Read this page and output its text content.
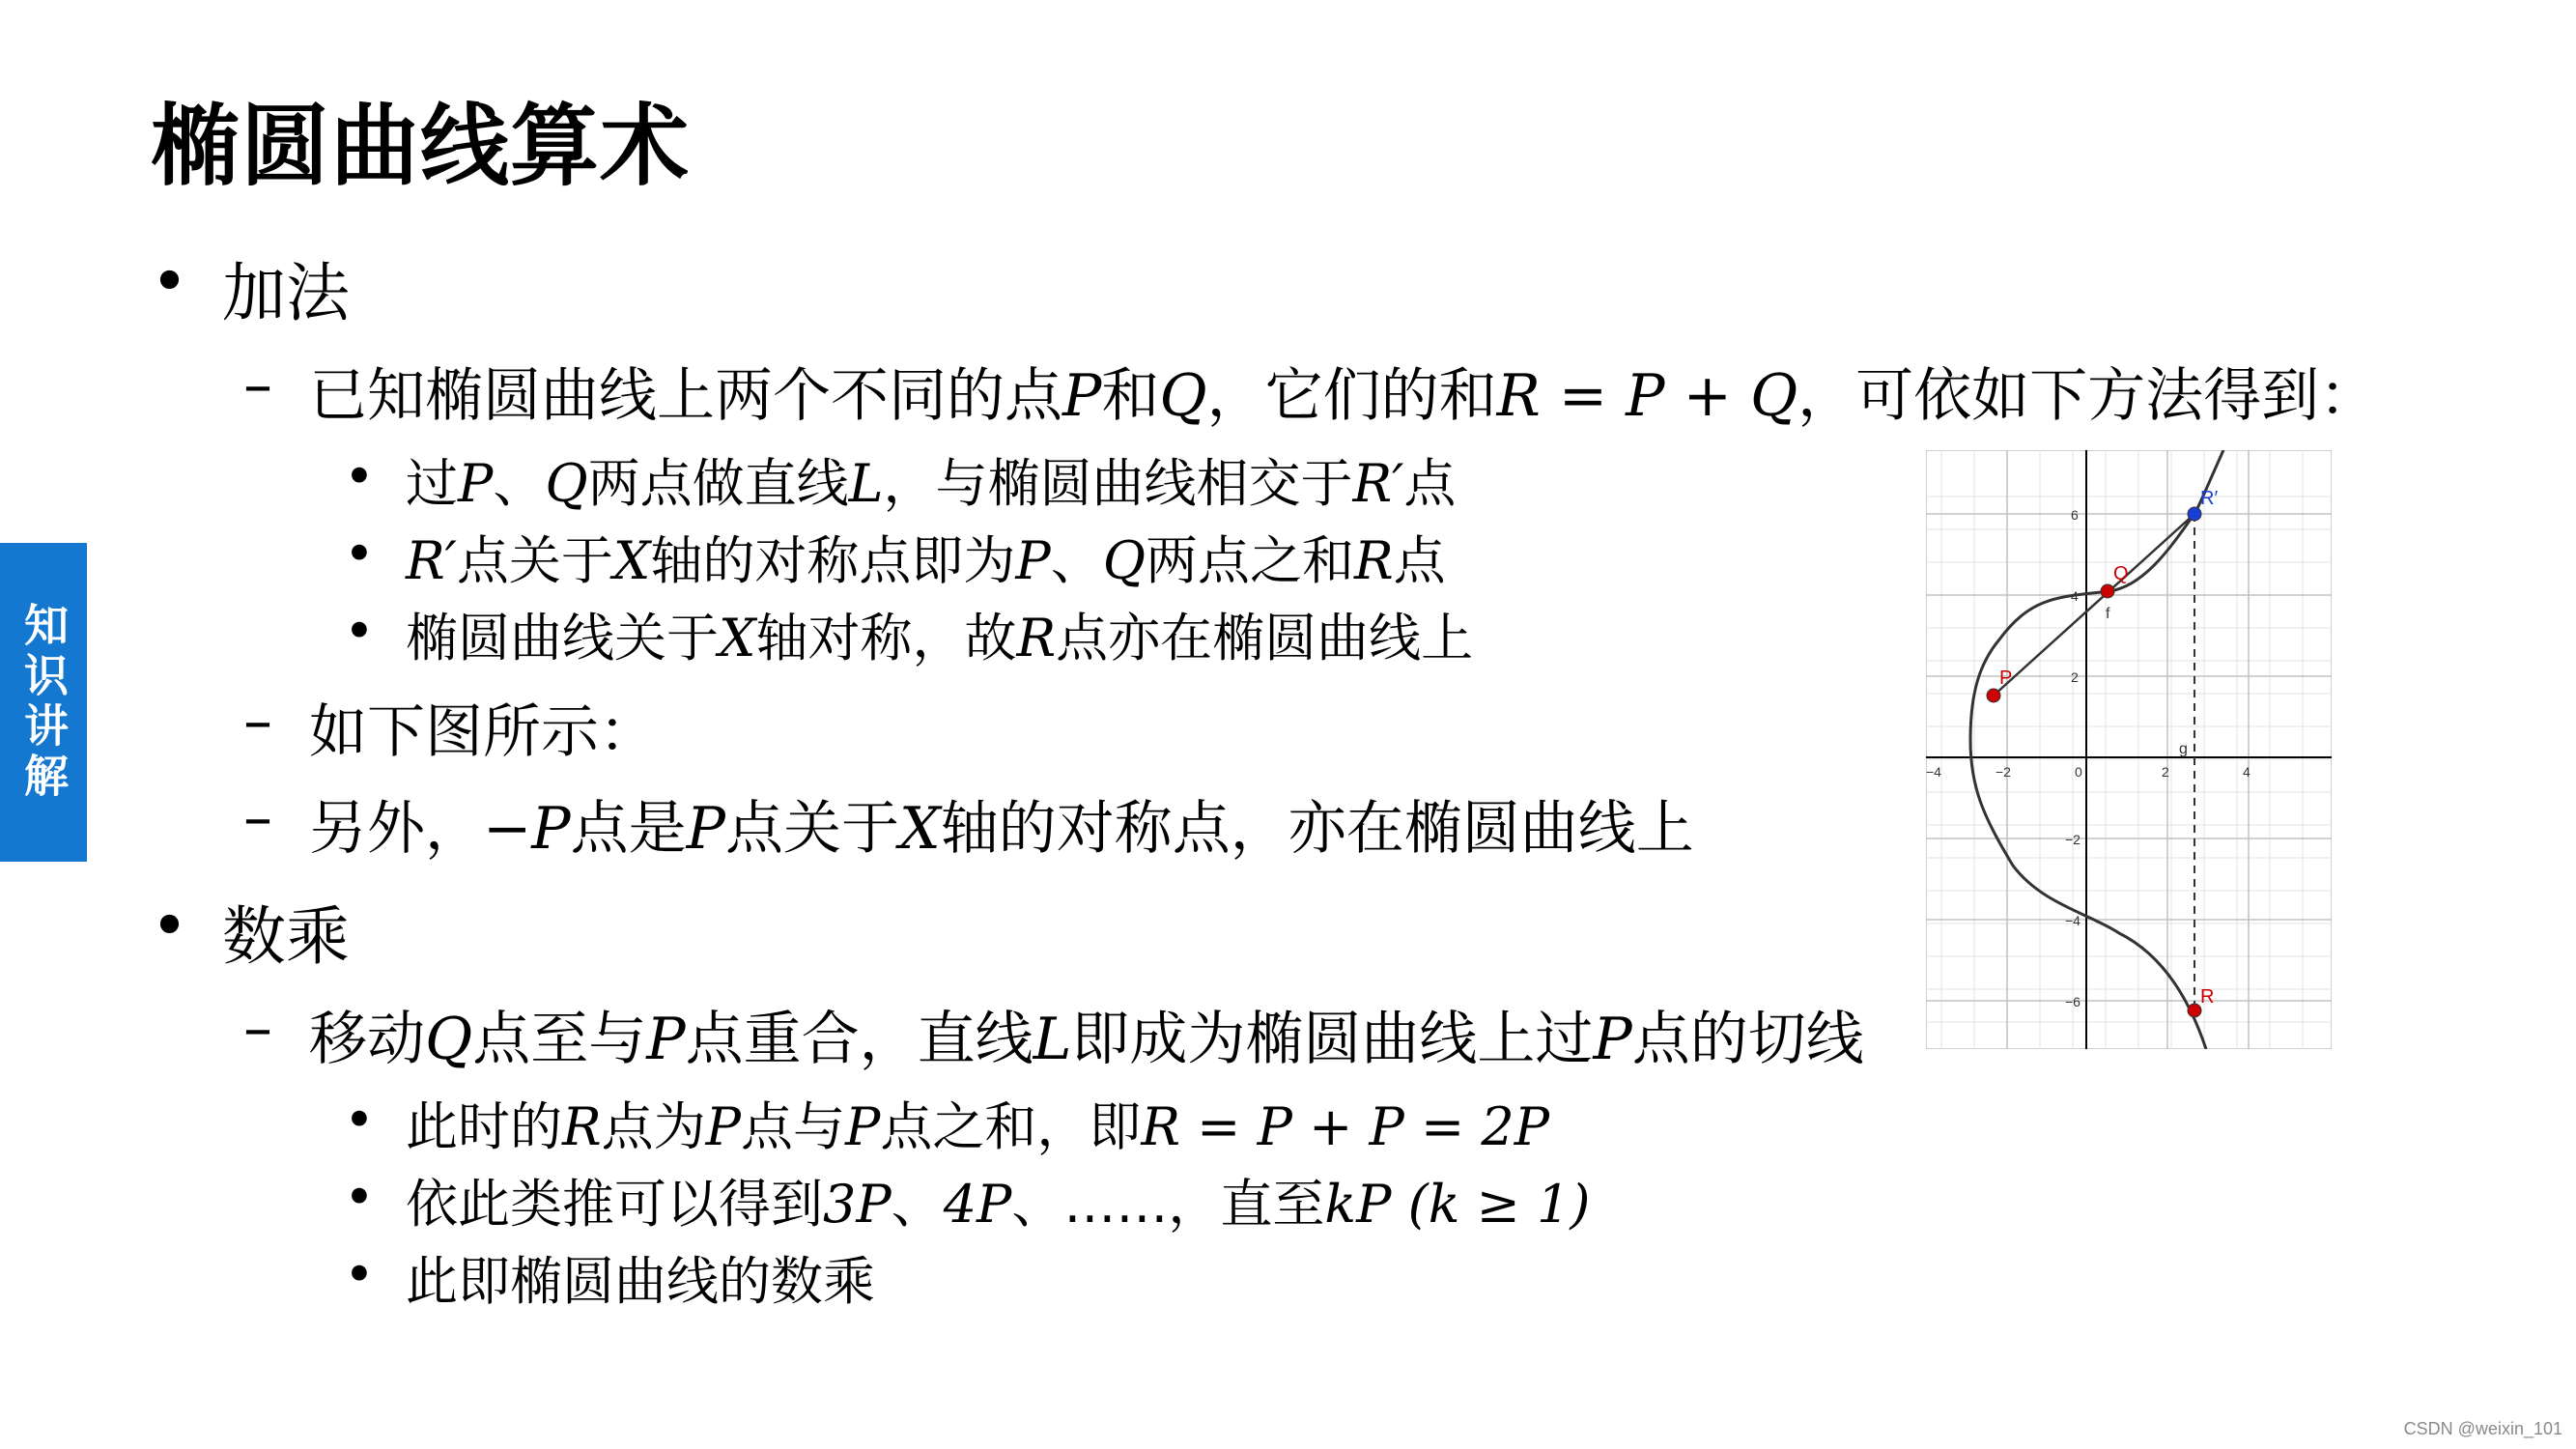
椭圆曲线算术
知识讲解
• 加法
– 已知椭圆曲线上两个不同的点P和Q，它们的和R = P + Q，可依如下方法得到：
• 过P、Q两点做直线L，与椭圆曲线相交于R′点
• R′点关于X轴的对称点即为P、Q两点之和R点
• 椭圆曲线关于X轴对称，故R点亦在椭圆曲线上
– 如下图所示：
– 另外，−P点是P点关于X轴的对称点，亦在椭圆曲线上
• 数乘
– 移动Q点至与P点重合，直线L即成为椭圆曲线上过P点的切线
• 此时的R点为P点与P点之和，即R = P + P = 2P
• 依此类推可以得到3P、4P、……，直至kP (k ≥ 1)
• 此即椭圆曲线的数乘
−4	−2	0	2	4
6
4
2
−2
−4
−6
P
Q
R′
R
f
g
CSDN @weixin_101
